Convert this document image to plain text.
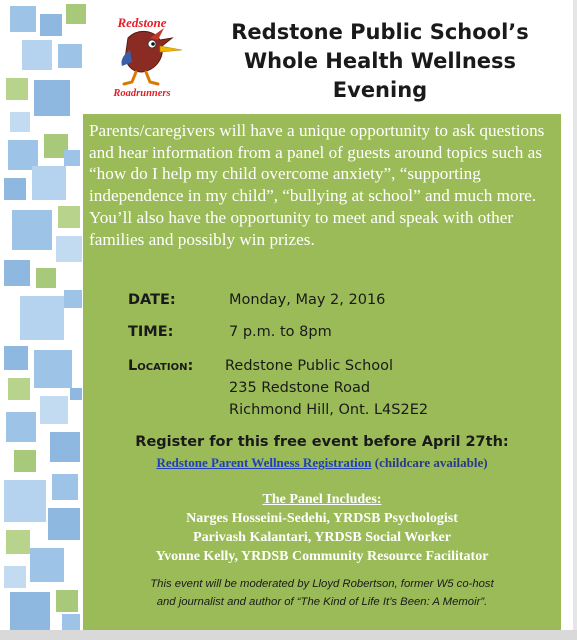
Redstone
Roadrunners
Redstone Public School’s
Whole Health Wellness
Evening
Parents/caregivers will have a unique opportunity to ask questions and hear information from a panel of guests around topics such as “how do I help my child overcome anxiety”, “supporting independence in my child”, “bullying at school” and much more. You’ll also have the opportunity to meet and speak with other families and possibly win prizes.
DATE:	Monday, May 2, 2016
TIME:	7 p.m. to 8pm
Location: Redstone Public School
235 Redstone Road
Richmond Hill, Ont. L4S2E2
Register for this free event before April 27th:
Redstone Parent Wellness Registration (childcare available)
The Panel Includes:
Narges Hosseini-Sedehi, YRDSB Psychologist
Parivash Kalantari, YRDSB Social Worker
Yvonne Kelly, YRDSB Community Resource Facilitator
This event will be moderated by Lloyd Robertson, former W5 co-host
and journalist and author of “The Kind of Life It’s Been: A Memoir”.
